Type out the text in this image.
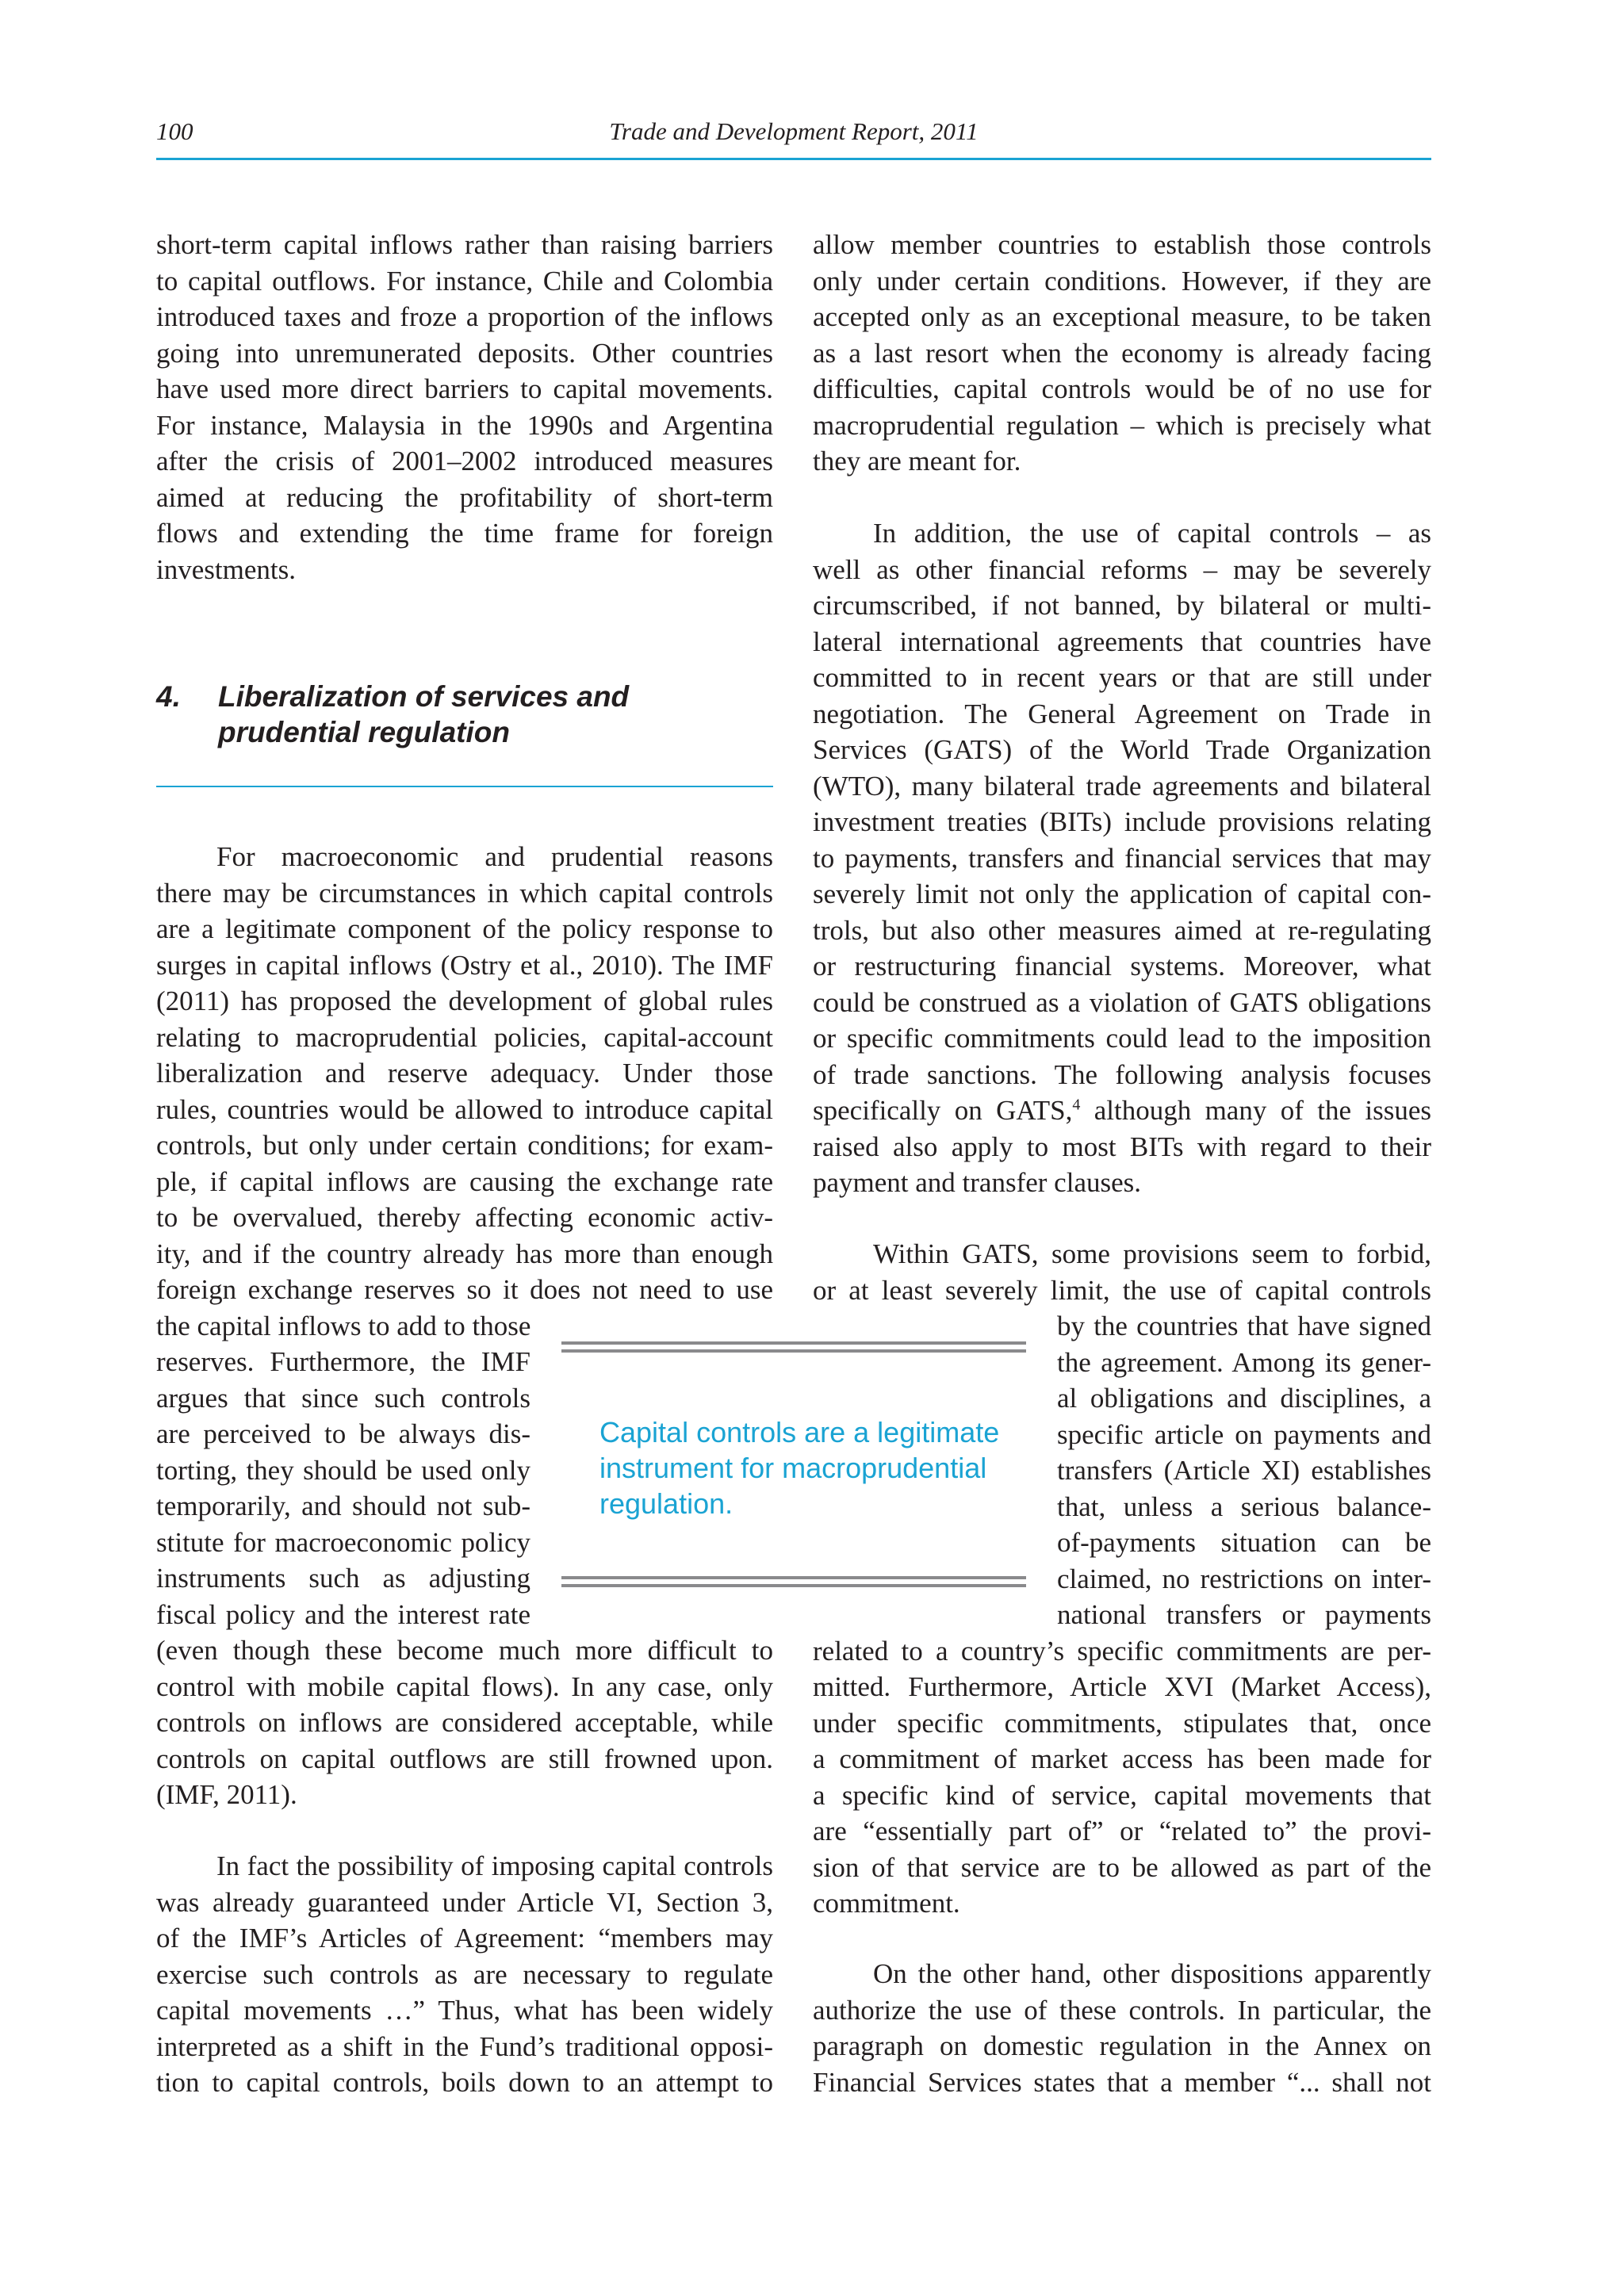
100	Trade and Development Report, 2011
short-term capital inflows rather than raising barriers
to capital outflows. For instance, Chile and Colombia
introduced taxes and froze a proportion of the inflows
going into unremunerated deposits. Other countries
have used more direct barriers to capital movements.
For instance, Malaysia in the 1990s and Argentina
after the crisis of 2001–2002 introduced measures
aimed at reducing the profitability of short-term
flows and extending the time frame for foreign
investments.
4. Liberalization of services and prudential regulation
For macroeconomic and prudential reasons
there may be circumstances in which capital controls
are a legitimate component of the policy response to
surges in capital inflows (Ostry et al., 2010). The IMF
(2011) has proposed the development of global rules
relating to macroprudential policies, capital-account
liberalization and reserve adequacy. Under those
rules, countries would be allowed to introduce capital
controls, but only under certain conditions; for exam-
ple, if capital inflows are causing the exchange rate
to be overvalued, thereby affecting economic activ-
ity, and if the country already has more than enough
foreign exchange reserves so it does not need to use
the capital inflows to add to those
reserves. Furthermore, the IMF
argues that since such controls
are perceived to be always dis-
torting, they should be used only
temporarily, and should not sub-
stitute for macroeconomic policy
instruments such as adjusting
fiscal policy and the interest rate
(even though these become much more difficult to
control with mobile capital flows). In any case, only
controls on inflows are considered acceptable, while
controls on capital outflows are still frowned upon.
(IMF, 2011).
In fact the possibility of imposing capital controls
was already guaranteed under Article VI, Section 3,
of the IMF’s Articles of Agreement: “members may
exercise such controls as are necessary to regulate
capital movements …” Thus, what has been widely
interpreted as a shift in the Fund’s traditional opposi-
tion to capital controls, boils down to an attempt to
allow member countries to establish those controls
only under certain conditions. However, if they are
accepted only as an exceptional measure, to be taken
as a last resort when the economy is already facing
difficulties, capital controls would be of no use for
macroprudential regulation – which is precisely what
they are meant for.
In addition, the use of capital controls – as
well as other financial reforms – may be severely
circumscribed, if not banned, by bilateral or multi-
lateral international agreements that countries have
committed to in recent years or that are still under
negotiation. The General Agreement on Trade in
Services (GATS) of the World Trade Organization
(WTO), many bilateral trade agreements and bilateral
investment treaties (BITs) include provisions relating
to payments, transfers and financial services that may
severely limit not only the application of capital con-
trols, but also other measures aimed at re-regulating
or restructuring financial systems. Moreover, what
could be construed as a violation of GATS obligations
or specific commitments could lead to the imposition
of trade sanctions. The following analysis focuses
specifically on GATS,$^4$ although many of the issues
raised also apply to most BITs with regard to their
payment and transfer clauses.
Within GATS, some provisions seem to forbid,
or at least severely limit, the use of capital controls
by the countries that have signed
the agreement. Among its gener-
al obligations and disciplines, a
specific article on payments and
transfers (Article XI) establishes
that, unless a serious balance-
of-payments situation can be
claimed, no restrictions on inter-
national transfers or payments
related to a country’s specific commitments are per-
mitted. Furthermore, Article XVI (Market Access),
under specific commitments, stipulates that, once
a commitment of market access has been made for
a specific kind of service, capital movements that
are “essentially part of” or “related to” the provi-
sion of that service are to be allowed as part of the
commitment.
On the other hand, other dispositions apparently
authorize the use of these controls. In particular, the
paragraph on domestic regulation in the Annex on
Financial Services states that a member “... shall not
Capital controls are a legitimate instrument for macroprudential regulation.
